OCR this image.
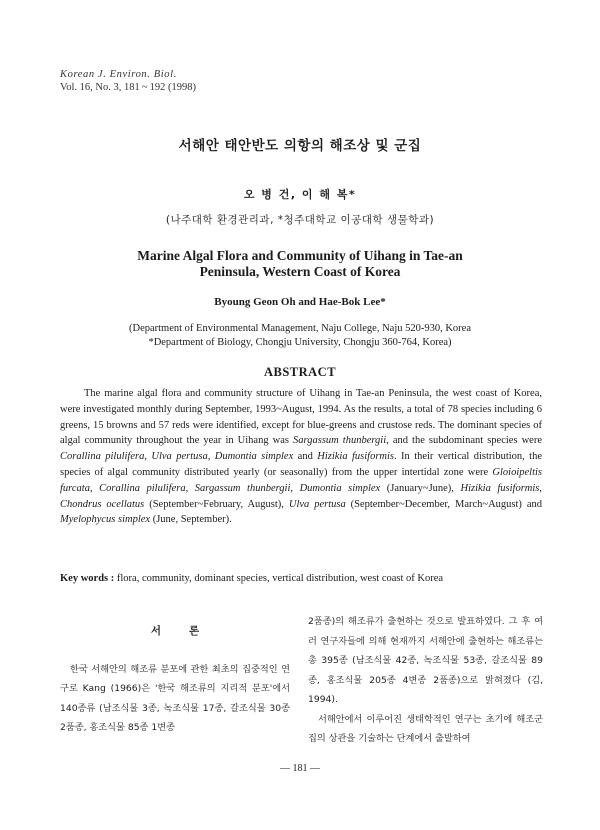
Korean J. Environ. Biol.
Vol. 16, No. 3, 181 ~ 192 (1998)
서해안 태안반도 의항의 해조상 및 군집
오 병 건, 이 해 복*
(나주대학 환경관리과, *청주대학교 이공대학 생물학과)
Marine Algal Flora and Community of Uihang in Tae-an
Peninsula, Western Coast of Korea
Byoung Geon Oh and Hae-Bok Lee*
(Department of Environmental Management, Naju College, Naju 520-930, Korea
*Department of Biology, Chongju University, Chongju 360-764, Korea)
ABSTRACT

The marine algal flora and community structure of Uihang in Tae-an Peninsula, the west coast of Korea, were investigated monthly during September, 1993~August, 1994. As the results, a total of 78 species including 6 greens, 15 browns and 57 reds were identified, except for blue-greens and crustose reds. The dominant species of algal community throughout the year in Uihang was Sargassum thunbergii, and the subdominant species were Corallina pilulifera, Ulva pertusa, Dumontia simplex and Hizikia fusiformis. In their vertical distribution, the species of algal community distributed yearly (or seasonally) from the upper intertidal zone were Gloioipeltis furcata, Corallina pilulifera, Sargassum thunbergii, Dumontia simplex (January~June), Hizikia fusiformis, Chondrus ocellatus (September~February, August), Ulva pertusa (September~December, March~August) and Myelophycus simplex (June, September).

Key words : flora, community, dominant species, vertical distribution, west coast of Korea
서론

한국 서해안의 해조류 분포에 관한 최초의 집중적인 연구로 Kang (1966)은 '한국 해조류의 지리적 분포'에서 140종류 (남조식물 3종, 녹조식물 17종, 갈조식물 30종 2품종, 홍조식물 85종 1변종

2품종)의 해조류가 출현하는 것으로 발표하였다. 그 후 여러 연구자들에 의해 현재까지 서해안에 출현하는 해조류는 총 395종 (남조식물 42종, 녹조식물 53종, 갈조식물 89종, 홍조식물 205종 4변종 2품종)으로 밝혀졌다 (김, 1994).

서해안에서 이루어진 생태학적인 연구는 초기에 해조군집의 상관을 기술하는 단계에서 출발하여

— 181 —
